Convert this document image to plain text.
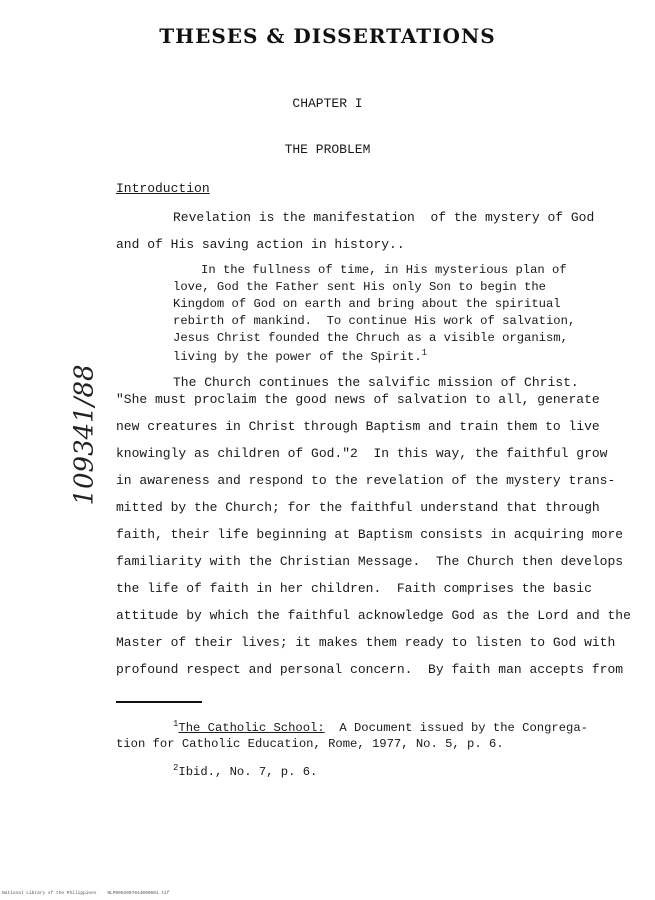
THESES & DISSERTATIONS
CHAPTER I
THE PROBLEM
Introduction
Revelation is the manifestation  of the mystery of God
and of His saving action in history..
In the fullness of time, in His mysterious plan of
love, God the Father sent His only Son to begin the
Kingdom of God on earth and bring about the spiritual
rebirth of mankind.  To continue His work of salvation,
Jesus Christ founded the Chruch as a visible organism,
living by the power of the Spirit.$^1$
The Church continues the salvific mission of Christ.
"She must proclaim the good news of salvation to all, generate
new creatures in Christ through Baptism and train them to live
knowingly as children of God."2  In this way, the faithful grow
in awareness and respond to the revelation of the mystery trans-
mitted by the Church; for the faithful understand that through
faith, their life beginning at Baptism consists in acquiring more
familiarity with the Christian Message.  The Church then develops
the life of faith in her children.  Faith comprises the basic
attitude by which the faithful acknowledge God as the Lord and the
Master of their lives; it makes them ready to listen to God with
profound respect and personal concern.  By faith man accepts from
$^1$The Catholic School:  A Document issued by the Congrega-
tion for Catholic Education, Rome, 1977, No. 5, p. 6.
$^2$Ibid., No. 7, p. 6.
109341/88
National Library of the Philippines    NLP0002007043000001.tif
